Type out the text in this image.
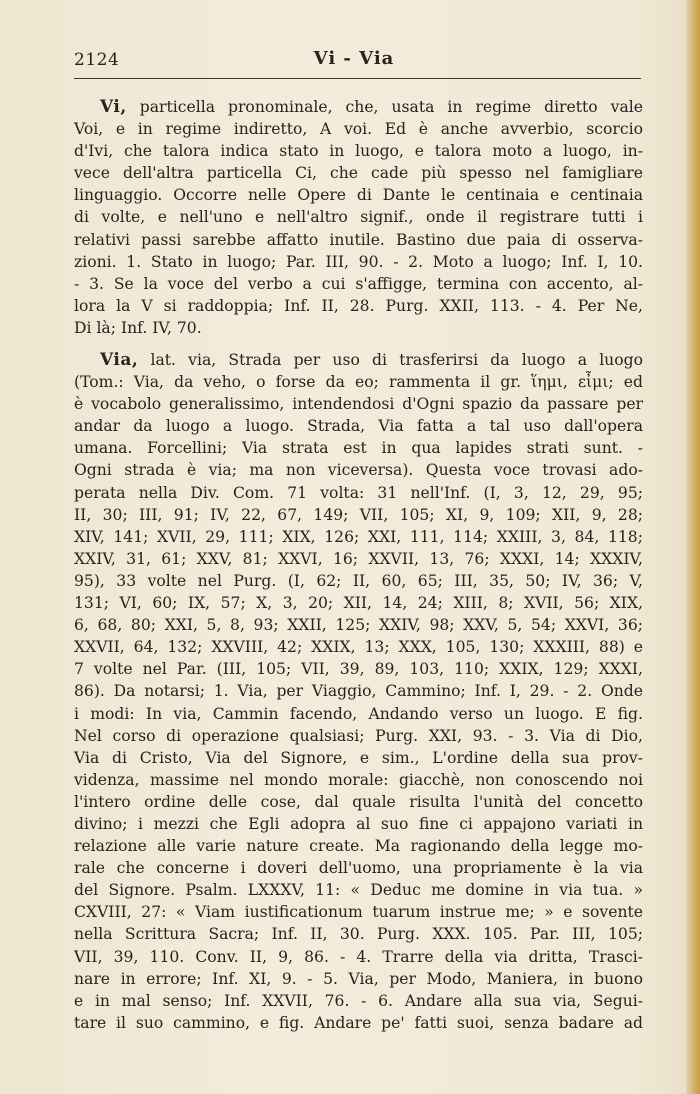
2124	Vi - Via
Vi, particella pronominale, che, usata in regime diretto vale
Voi, e in regime indiretto, A voi. Ed è anche avverbio, scorcio
d'Ivi, che talora indica stato in luogo, e talora moto a luogo, in-
vece dell'altra particella Ci, che cade più spesso nel famigliare
linguaggio. Occorre nelle Opere di Dante le centinaia e centinaia
di volte, e nell'uno e nell'altro signif., onde il registrare tutti i
relativi passi sarebbe affatto inutile. Bastino due paia di osserva-
zioni. 1. Stato in luogo; Par. III, 90. - 2. Moto a luogo; Inf. I, 10.
- 3. Se la voce del verbo a cui s'affigge, termina con accento, al-
lora la V si raddoppia; Inf. II, 28. Purg. XXII, 113. - 4. Per Ne,
Di là; Inf. IV, 70.
Via, lat. via, Strada per uso di trasferirsi da luogo a luogo
(Tom.: Via, da veho, o forse da eo; rammenta il gr. ἵημι, εἶμι; ed
è vocabolo generalissimo, intendendosi d'Ogni spazio da passare per
andar da luogo a luogo. Strada, Via fatta a tal uso dall'opera
umana. Forcellini; Via strata est in qua lapides strati sunt. -
Ogni strada è via; ma non viceversa). Questa voce trovasi ado-
perata nella Div. Com. 71 volta: 31 nell'Inf. (I, 3, 12, 29, 95;
II, 30; III, 91; IV, 22, 67, 149; VII, 105; XI, 9, 109; XII, 9, 28;
XIV, 141; XVII, 29, 111; XIX, 126; XXI, 111, 114; XXIII, 3, 84, 118;
XXIV, 31, 61; XXV, 81; XXVI, 16; XXVII, 13, 76; XXXI, 14; XXXIV,
95), 33 volte nel Purg. (I, 62; II, 60, 65; III, 35, 50; IV, 36; V,
131; VI, 60; IX, 57; X, 3, 20; XII, 14, 24; XIII, 8; XVII, 56; XIX,
6, 68, 80; XXI, 5, 8, 93; XXII, 125; XXIV, 98; XXV, 5, 54; XXVI, 36;
XXVII, 64, 132; XXVIII, 42; XXIX, 13; XXX, 105, 130; XXXIII, 88) e
7 volte nel Par. (III, 105; VII, 39, 89, 103, 110; XXIX, 129; XXXI,
86). Da notarsi; 1. Via, per Viaggio, Cammino; Inf. I, 29. - 2. Onde
i modi: In via, Cammin facendo, Andando verso un luogo. E fig.
Nel corso di operazione qualsiasi; Purg. XXI, 93. - 3. Via di Dio,
Via di Cristo, Via del Signore, e sim., L'ordine della sua prov-
videnza, massime nel mondo morale: giacchè, non conoscendo noi
l'intero ordine delle cose, dal quale risulta l'unità del concetto
divino; i mezzi che Egli adopra al suo fine ci appajono variati in
relazione alle varie nature create. Ma ragionando della legge mo-
rale che concerne i doveri dell'uomo, una propriamente è la via
del Signore. Psalm. LXXXV, 11: « Deduc me domine in via tua. »
CXVIII, 27: « Viam iustificationum tuarum instrue me; » e sovente
nella Scrittura Sacra; Inf. II, 30. Purg. XXX. 105. Par. III, 105;
VII, 39, 110. Conv. II, 9, 86. - 4. Trarre della via dritta, Trasci-
nare in errore; Inf. XI, 9. - 5. Via, per Modo, Maniera, in buono
e in mal senso; Inf. XXVII, 76. - 6. Andare alla sua via, Segui-
tare il suo cammino, e fig. Andare pe' fatti suoi, senza badare ad
